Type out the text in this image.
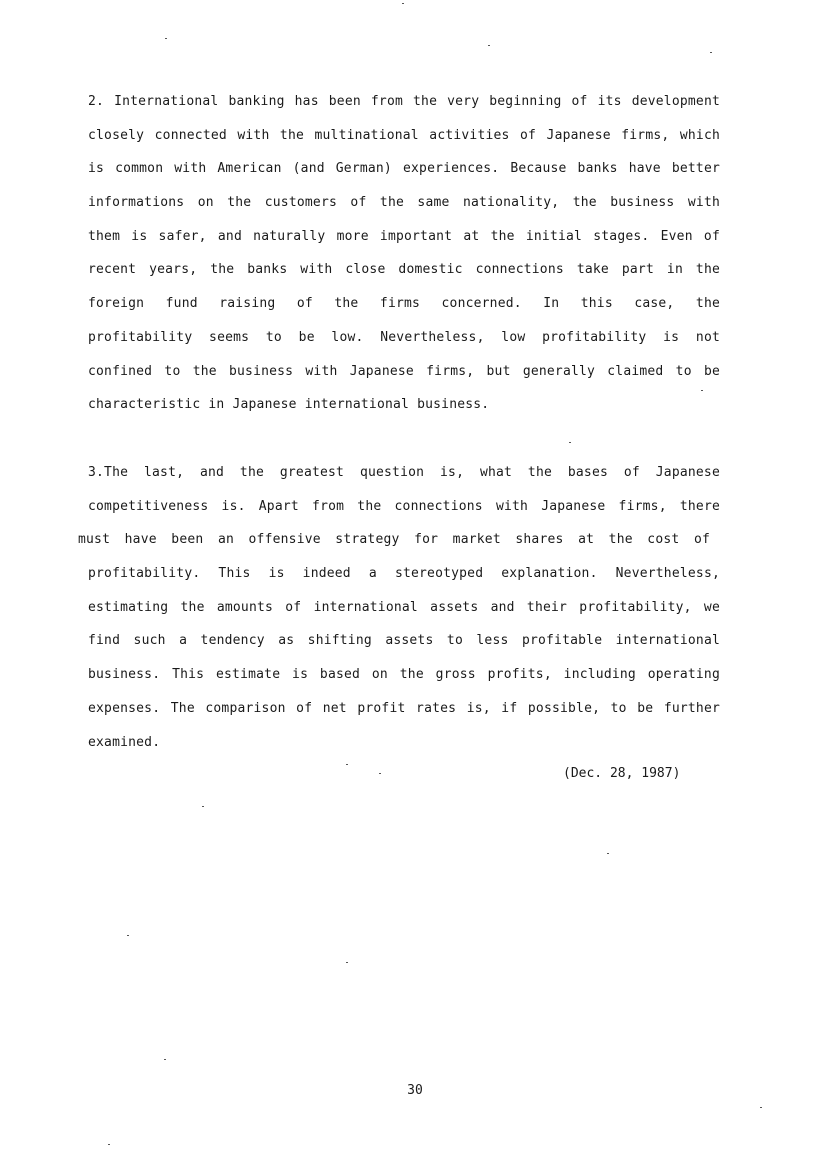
2. International banking has been from the very beginning of its development
closely connected with the multinational activities of Japanese firms, which
is common with American (and German) experiences. Because banks have better
informations on the customers of the same nationality, the business with
them is safer, and naturally more important at the initial stages. Even of
recent years, the banks with close domestic connections take part in the
foreign fund raising of the firms concerned. In this case, the
profitability seems to be low. Nevertheless, low profitability is not
confined to the business with Japanese firms, but generally claimed to be
characteristic in Japanese international business.
3.The last, and the greatest question is, what the bases of Japanese
competitiveness is. Apart from the connections with Japanese firms, there
must have been an offensive strategy for market shares at the cost of
profitability. This is indeed a stereotyped explanation. Nevertheless,
estimating the amounts of international assets and their profitability, we
find such a tendency as shifting assets to less profitable international
business. This estimate is based on the gross profits, including operating
expenses. The comparison of net profit rates is, if possible, to be further
examined.
(Dec. 28, 1987)
30
